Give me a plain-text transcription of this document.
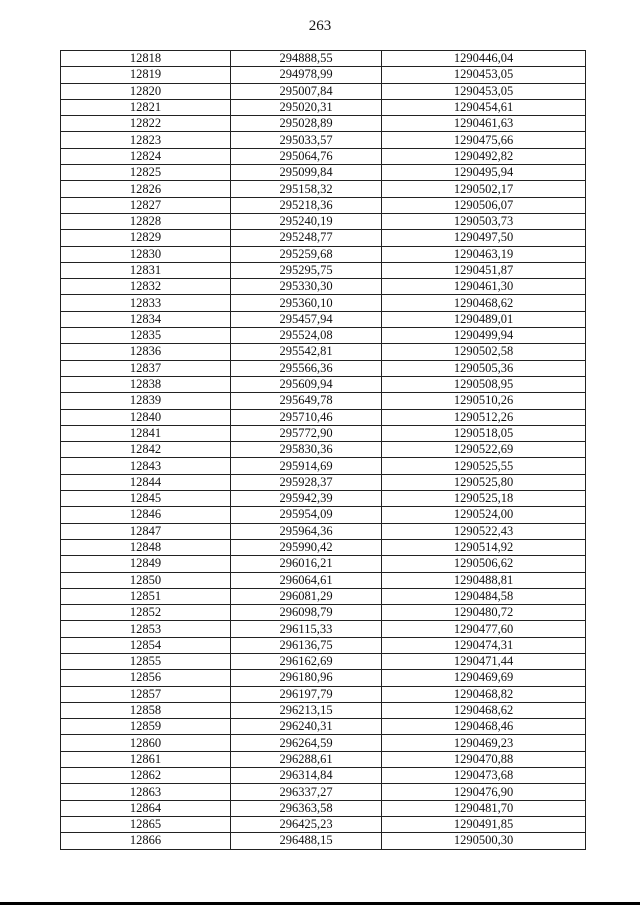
263
12818	294888,55	1290446,04
12819	294978,99	1290453,05
12820	295007,84	1290453,05
12821	295020,31	1290454,61
12822	295028,89	1290461,63
12823	295033,57	1290475,66
12824	295064,76	1290492,82
12825	295099,84	1290495,94
12826	295158,32	1290502,17
12827	295218,36	1290506,07
12828	295240,19	1290503,73
12829	295248,77	1290497,50
12830	295259,68	1290463,19
12831	295295,75	1290451,87
12832	295330,30	1290461,30
12833	295360,10	1290468,62
12834	295457,94	1290489,01
12835	295524,08	1290499,94
12836	295542,81	1290502,58
12837	295566,36	1290505,36
12838	295609,94	1290508,95
12839	295649,78	1290510,26
12840	295710,46	1290512,26
12841	295772,90	1290518,05
12842	295830,36	1290522,69
12843	295914,69	1290525,55
12844	295928,37	1290525,80
12845	295942,39	1290525,18
12846	295954,09	1290524,00
12847	295964,36	1290522,43
12848	295990,42	1290514,92
12849	296016,21	1290506,62
12850	296064,61	1290488,81
12851	296081,29	1290484,58
12852	296098,79	1290480,72
12853	296115,33	1290477,60
12854	296136,75	1290474,31
12855	296162,69	1290471,44
12856	296180,96	1290469,69
12857	296197,79	1290468,82
12858	296213,15	1290468,62
12859	296240,31	1290468,46
12860	296264,59	1290469,23
12861	296288,61	1290470,88
12862	296314,84	1290473,68
12863	296337,27	1290476,90
12864	296363,58	1290481,70
12865	296425,23	1290491,85
12866	296488,15	1290500,30
